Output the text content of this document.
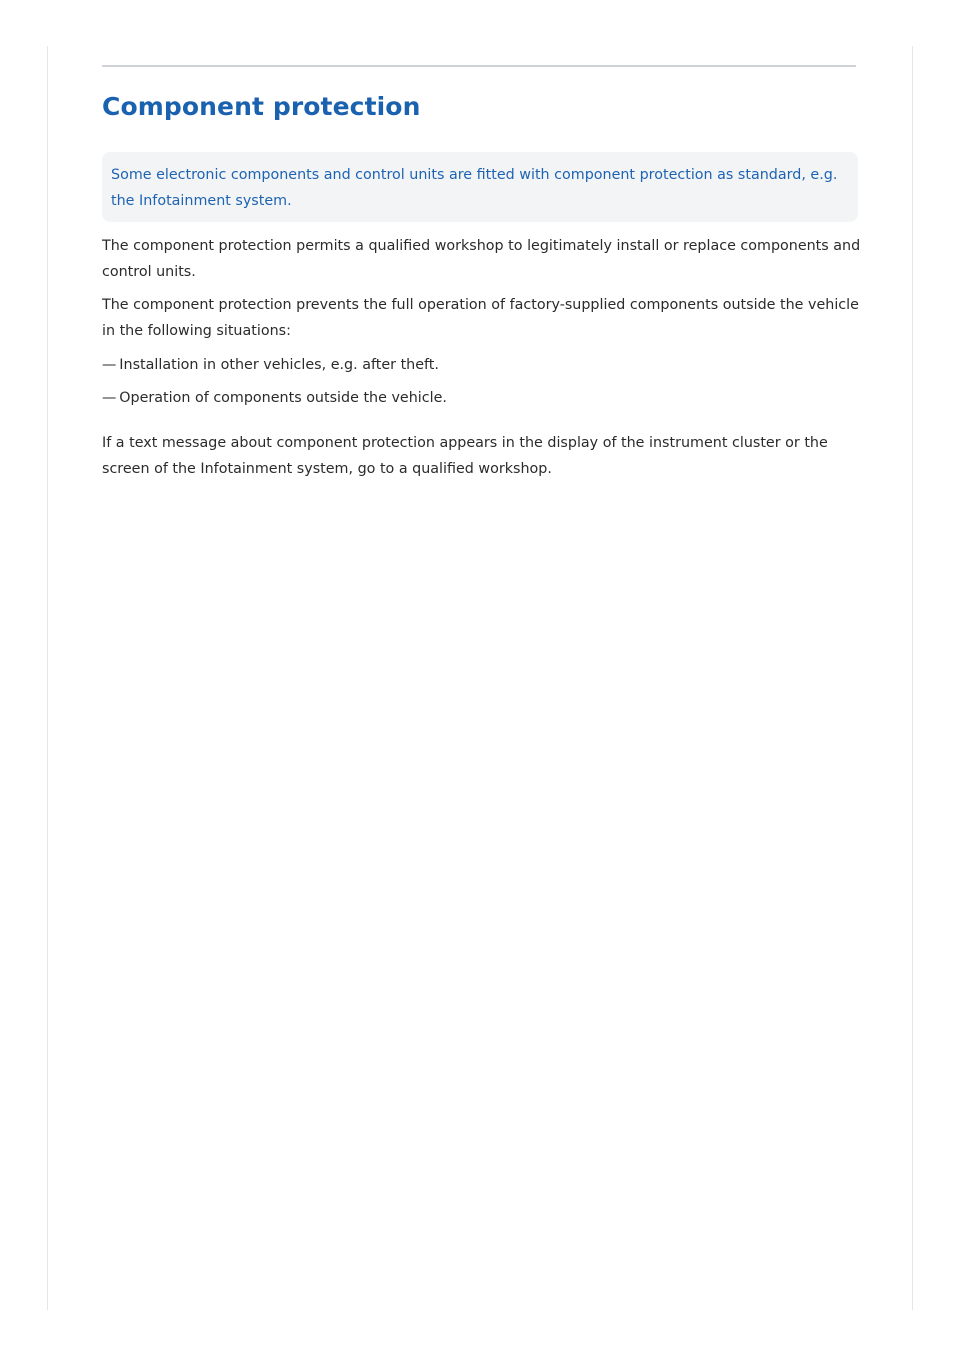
Component protection

Some electronic components and control units are fitted with component protection as standard, e.g. the Infotainment system.

The component protection permits a qualified workshop to legitimately install or replace components and control units.

The component protection prevents the full operation of factory-supplied components outside the vehicle in the following situations:

— Installation in other vehicles, e.g. after theft.
— Operation of components outside the vehicle.

If a text message about component protection appears in the display of the instrument cluster or the screen of the Infotainment system, go to a qualified workshop.
